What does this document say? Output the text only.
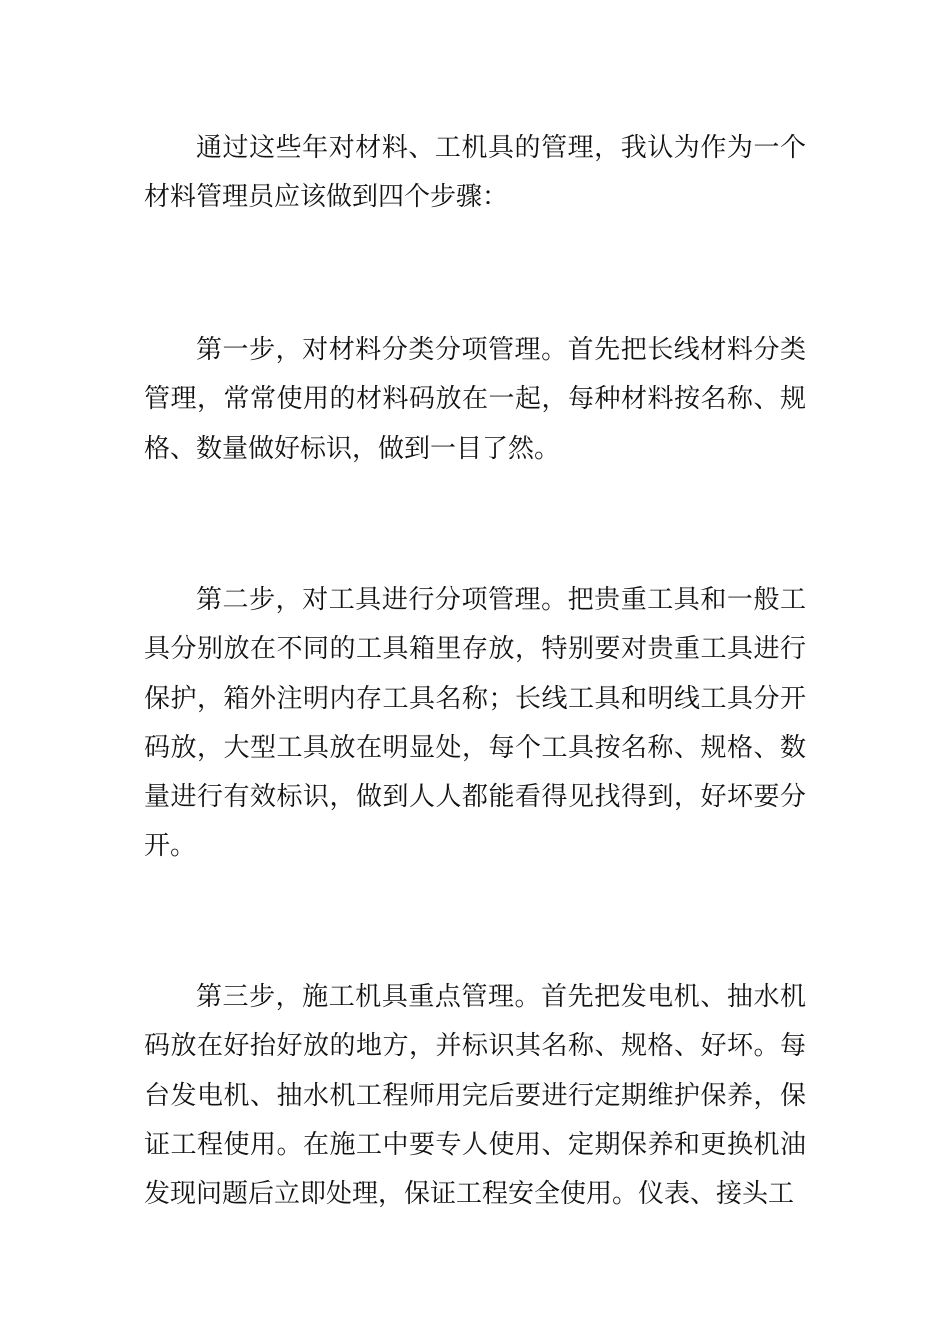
通过这些年对材料、工机具的管理，我认为作为一个材料管理员应该做到四个步骤：

第一步，对材料分类分项管理。首先把长线材料分类管理，常常使用的材料码放在一起，每种材料按名称、规格、数量做好标识，做到一目了然。

第二步，对工具进行分项管理。把贵重工具和一般工具分别放在不同的工具箱里存放，特别要对贵重工具进行保护，箱外注明内存工具名称；长线工具和明线工具分开码放，大型工具放在明显处，每个工具按名称、规格、数量进行有效标识，做到人人都能看得见找得到，好坏要分开。

第三步，施工机具重点管理。首先把发电机、抽水机码放在好抬好放的地方，并标识其名称、规格、好坏。每台发电机、抽水机工程师用完后要进行定期维护保养，保证工程使用。在施工中要专人使用、定期保养和更换机油发现问题后立即处理，保证工程安全使用。仪表、接头工
